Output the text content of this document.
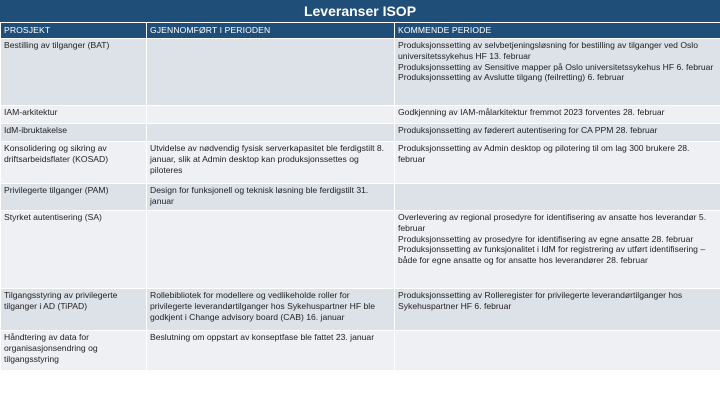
Leveranser ISOP
PROSJEKT	GJENNOMFØRT I PERIODEN	KOMMENDE PERIODE
Bestilling av tilganger (BAT)		Produksjonssetting av selvbetjeningsløsning for bestilling av tilganger ved Oslo universitetssykehus HF 13. februar
Produksjonssetting av Sensitive mapper på Oslo universitetssykehus HF 6. februar
Produksjonssetting av Avslutte tilgang (feilretting) 6. februar

IAM-arkitektur		Godkjenning av IAM-målarkitektur fremmot 2023 forventes 28. februar

IdM-ibruktakelse		Produksjonssetting av føderert autentisering for CA PPM 28. februar

Konsolidering og sikring av driftsarbeidsflater (KOSAD)	Utvidelse av nødvendig fysisk serverkapasitet ble ferdigstilt 8. januar, slik at Admin desktop kan produksjonssettes og piloteres	Produksjonssetting av Admin desktop og pilotering til om lag 300 brukere 28. februar

Privilegerte tilganger (PAM)	Design for funksjonell og teknisk løsning ble ferdigstilt 31. januar	
Styrket autentisering (SA)		Overlevering av regional prosedyre for identifisering av ansatte hos leverandør 5. februar
Produksjonssetting av prosedyre for identifisering av egne ansatte 28. februar
Produksjonssetting av funksjonalitet i IdM for registrering av utført identifisering – både for egne ansatte og for ansatte hos leverandører 28. februar

Tilgangsstyring av privilegerte tilganger i AD (TiPAD)	Rollebibliotek for modellere og vedlikeholde roller for privilegerte leverandørtilganger hos Sykehuspartner HF ble godkjent i Change advisory board (CAB) 16. januar	Produksjonssetting av Rolleregister for privilegerte leverandørtilganger hos Sykehuspartner HF 6. februar

Håndtering av data for organisasjonsendring og tilgangsstyring	Beslutning om oppstart av konseptfase ble fattet 23. januar	
